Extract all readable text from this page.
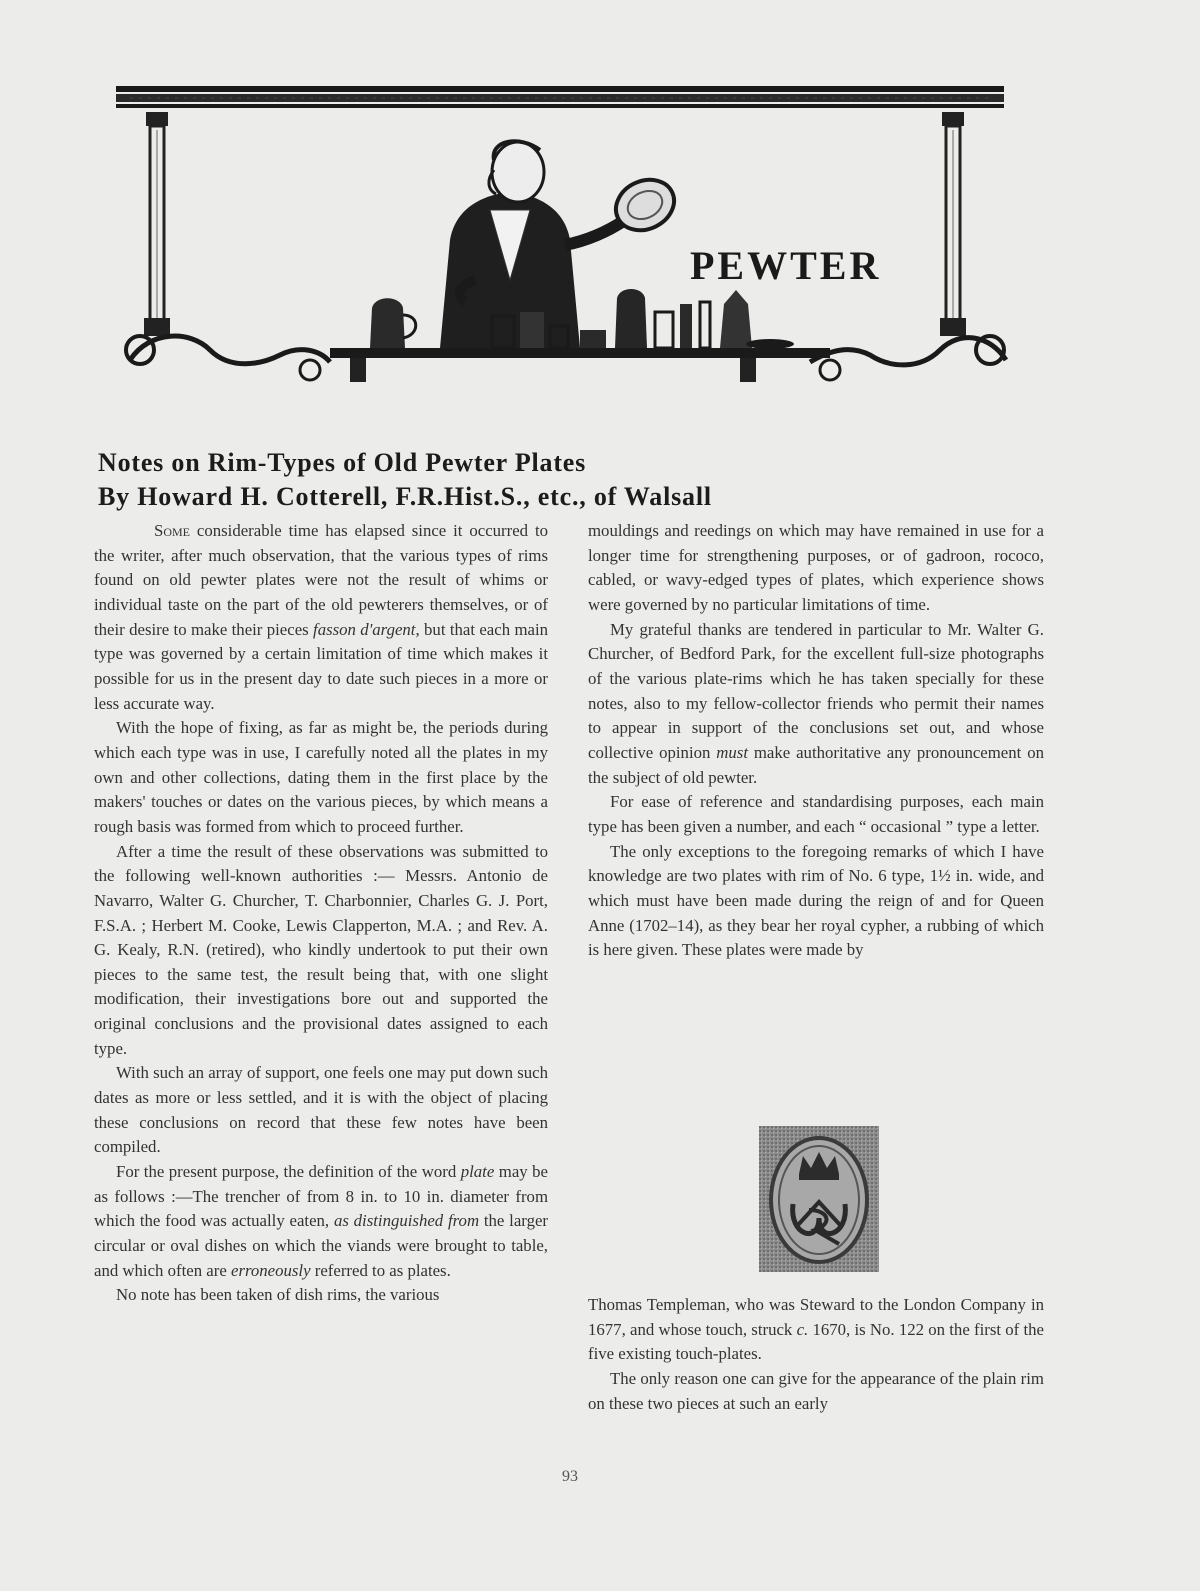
PEWTER
Notes on Rim-Types of Old Pewter Plates
By Howard H. Cotterell, F.R.Hist.S., etc., of Walsall

Some considerable time has elapsed since it occurred to the writer, after much observation, that the various types of rims found on old pewter plates were not the result of whims or individual taste on the part of the old pewterers themselves, or of their desire to make their pieces fasson d'argent, but that each main type was governed by a certain limitation of time which makes it possible for us in the present day to date such pieces in a more or less accurate way.

With the hope of fixing, as far as might be, the periods during which each type was in use, I carefully noted all the plates in my own and other collections, dating them in the first place by the makers' touches or dates on the various pieces, by which means a rough basis was formed from which to proceed further.

After a time the result of these observations was submitted to the following well-known authorities :— Messrs. Antonio de Navarro, Walter G. Churcher, T. Charbonnier, Charles G. J. Port, F.S.A. ; Herbert M. Cooke, Lewis Clapperton, M.A. ; and Rev. A. G. Kealy, R.N. (retired), who kindly undertook to put their own pieces to the same test, the result being that, with one slight modification, their investigations bore out and supported the original conclusions and the provisional dates assigned to each type.

With such an array of support, one feels one may put down such dates as more or less settled, and it is with the object of placing these conclusions on record that these few notes have been compiled.

For the present purpose, the definition of the word plate may be as follows :—The trencher of from 8 in. to 10 in. diameter from which the food was actually eaten, as distinguished from the larger circular or oval dishes on which the viands were brought to table, and which often are erroneously referred to as plates.

No note has been taken of dish rims, the various

mouldings and reedings on which may have remained in use for a longer time for strengthening purposes, or of gadroon, rococo, cabled, or wavy-edged types of plates, which experience shows were governed by no particular limitations of time.

My grateful thanks are tendered in particular to Mr. Walter G. Churcher, of Bedford Park, for the excellent full-size photographs of the various plate-rims which he has taken specially for these notes, also to my fellow-collector friends who permit their names to appear in support of the conclusions set out, and whose collective opinion must make authoritative any pronouncement on the subject of old pewter.

For ease of reference and standardising purposes, each main type has been given a number, and each “ occasional ” type a letter.

The only exceptions to the foregoing remarks of which I have knowledge are two plates with rim of No. 6 type, 1½ in. wide, and which must have been made during the reign of and for Queen Anne (1702–14), as they bear her royal cypher, a rubbing of which is here given. These plates were made by

Thomas Templeman, who was Steward to the London Company in 1677, and whose touch, struck c. 1670, is No. 122 on the first of the five existing touch-plates.

The only reason one can give for the appearance of the plain rim on these two pieces at such an early

93
